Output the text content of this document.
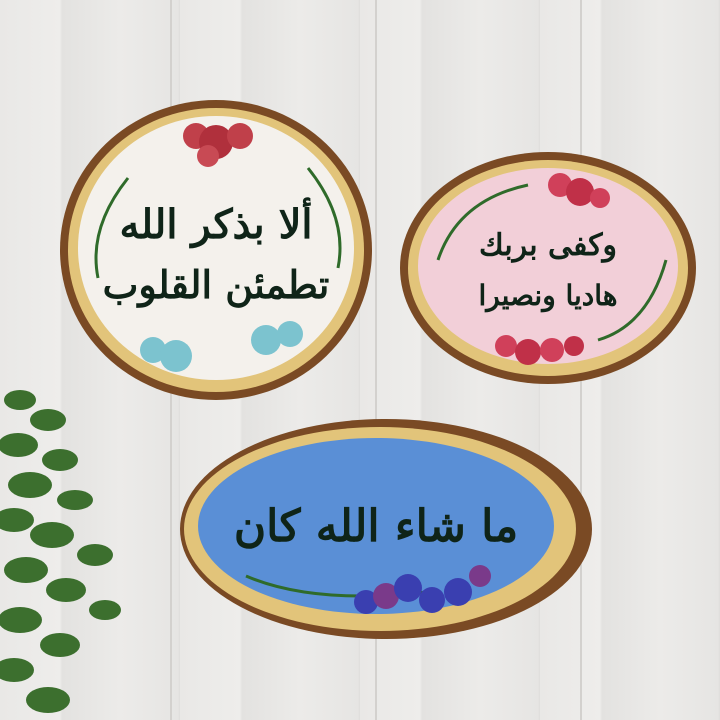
ألا بذكر الله
تطمئن القلوب
وكفى بربك
هاديا ونصيرا
ما شاء الله كان
